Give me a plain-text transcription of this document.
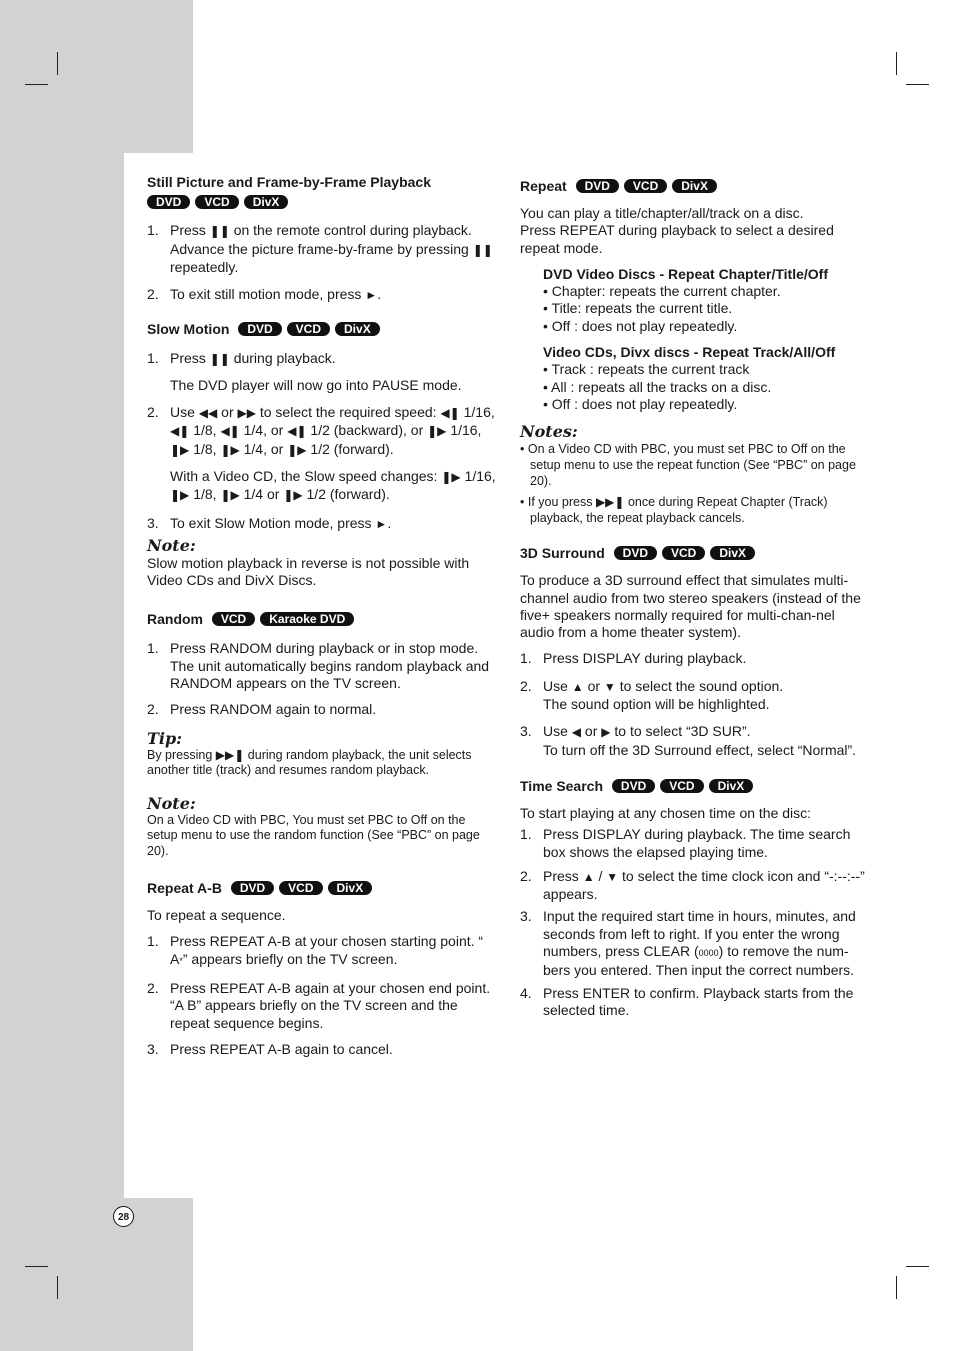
Still Picture and Frame-by-Frame Playback
DVD VCD DivX
1. Press ❚❚ on the remote control during playback. Advance the picture frame-by-frame by pressing ❚❚ repeatedly.
2. To exit still motion mode, press ►.
Slow Motion DVD VCD DivX
1. Press ❚❚ during playback.

The DVD player will now go into PAUSE mode.

2. Use ◀◀ or ▶▶ to select the required speed: ◀❚ 1/16, ◀❚ 1/8, ◀❚ 1/4, or ◀❚ 1/2 (backward), or ❚▶ 1/16, ❚▶ 1/8, ❚▶ 1/4, or ❚▶ 1/2 (forward).

With a Video CD, the Slow speed changes: ❚▶ 1/16, ❚▶ 1/8, ❚▶ 1/4 or ❚▶ 1/2 (forward).

3. To exit Slow Motion mode, press ►.
Note:

Slow motion playback in reverse is not possible with Video CDs and DivX Discs.

Random VCD Karaoke DVD
1. Press RANDOM during playback or in stop mode. The unit automatically begins random playback and RANDOM appears on the TV screen.
2. Press RANDOM again to normal.
Tip:

By pressing ▶▶❚ during random playback, the unit selects another title (track) and resumes random playback.

Note:

On a Video CD with PBC, You must set PBC to Off on the setup menu to use the random function (See “PBC” on page 20).

Repeat A-B DVD VCD DivX

To repeat a sequence.

1. Press REPEAT A-B at your chosen starting point. “ A*” appears briefly on the TV screen.
2. Press REPEAT A-B again at your chosen end point.
“A B” appears briefly on the TV screen and the repeat sequence begins.
3. Press REPEAT A-B again to cancel.
Repeat DVD VCD DivX

You can play a title/chapter/all/track on a disc.

Press REPEAT during playback to select a desired repeat mode.

DVD Video Discs - Repeat Chapter/Title/Off

• Chapter: repeats the current chapter.

• Title: repeats the current title.

• Off : does not play repeatedly.

Video CDs, Divx discs - Repeat Track/All/Off

• Track : repeats the current track

• All : repeats all the tracks on a disc.

• Off : does not play repeatedly.

Notes:

• On a Video CD with PBC, you must set PBC to Off on the setup menu to use the repeat function (See “PBC” on page 20).

• If you press ▶▶❚ once during Repeat Chapter (Track) playback, the repeat playback cancels.

3D Surround DVD VCD DivX

To produce a 3D surround effect that simulates multi-channel audio from two stereo speakers (instead of the five+ speakers normally required for multi-chan-nel audio from a home theater system).

1. Press DISPLAY during playback.
2. Use ▲ or ▼ to select the sound option.
The sound option will be highlighted.
3. Use ◀ or ▶ to to select “3D SUR”.
To turn off the 3D Surround effect, select “Normal”.
Time Search DVD VCD DivX

To start playing at any chosen time on the disc:

1. Press DISPLAY during playback. The time search box shows the elapsed playing time.
2. Press ▲ / ▼ to select the time clock icon and “-:--:--” appears.
3. Input the required start time in hours, minutes, and seconds from left to right. If you enter the wrong numbers, press CLEAR (0000) to remove the num-bers you entered. Then input the correct numbers.
4. Press ENTER to confirm. Playback starts from the selected time.
28
